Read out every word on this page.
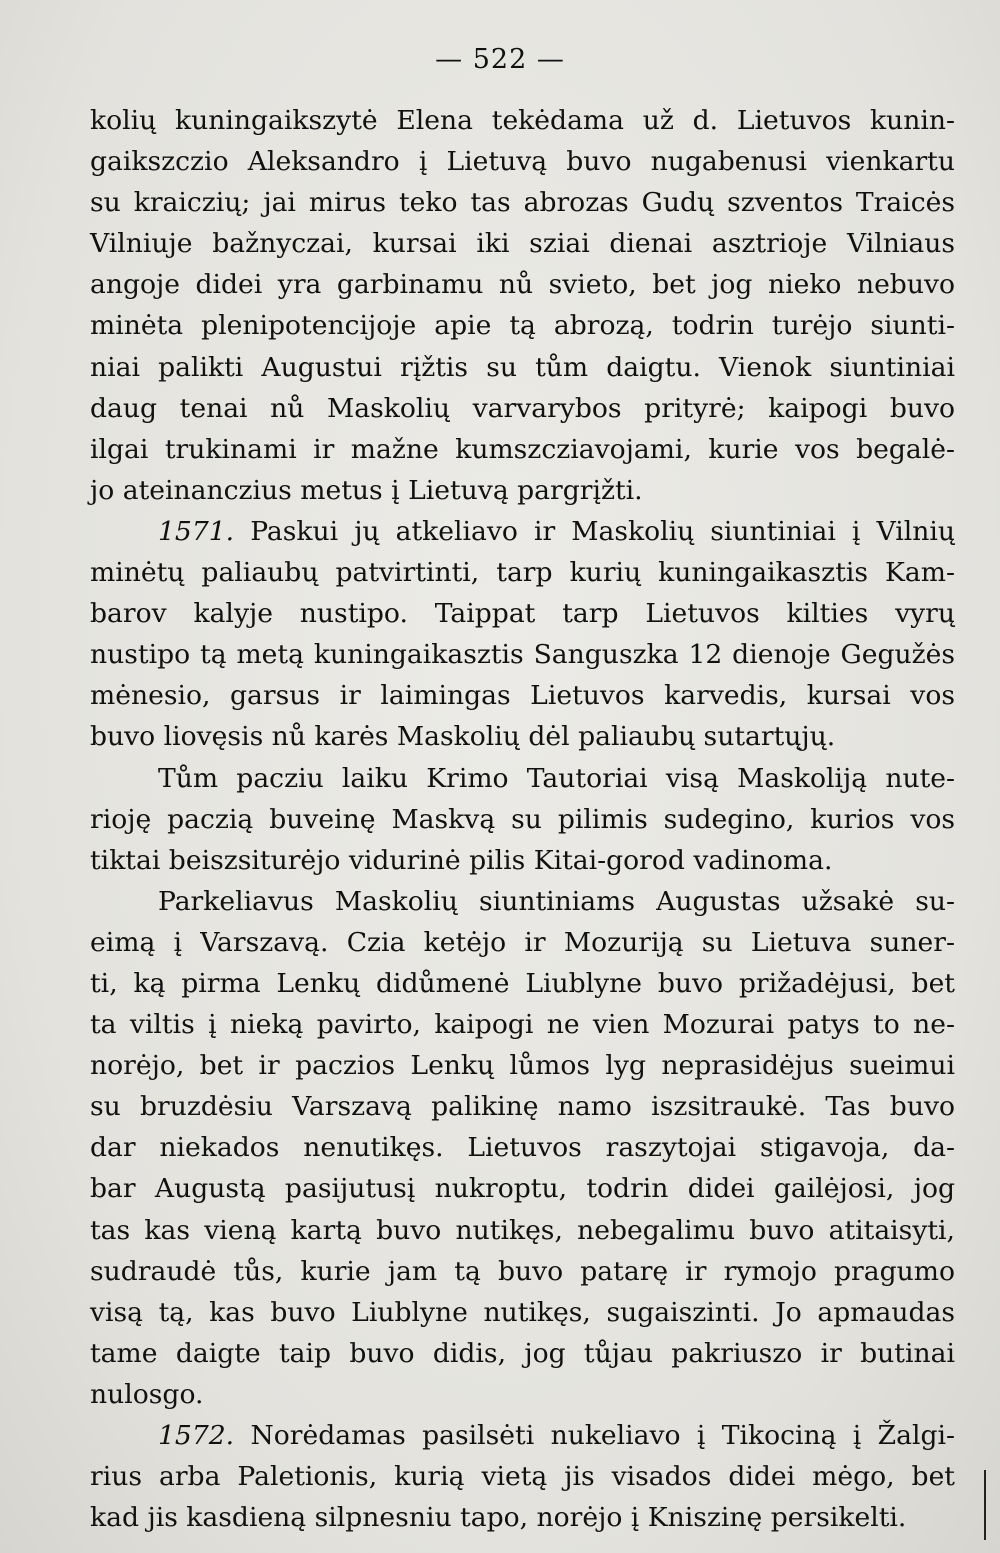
— 522 —
kolių kuningaikszytė Elena tekėdama už d. Lietuvos kunin-
gaikszczio Aleksandro į Lietuvą buvo nugabenusi vienkartu
su kraiczių; jai mirus teko tas abrozas Gudų szventos Traicės
Vilniuje bažnyczai, kursai iki sziai dienai asztrioje Vilniaus
angoje didei yra garbinamu nů svieto, bet jog nieko nebuvo
minėta plenipotencijoje apie tą abrozą, todrin turėjo siunti-
niai palikti Augustui rįžtis su tům daigtu. Vienok siuntiniai
daug tenai nů Maskolių varvarybos prityrė; kaipogi buvo
ilgai trukinami ir mažne kumszcziavojami, kurie vos begalė-
jo ateinanczius metus į Lietuvą pargrįžti.
1571. Paskui jų atkeliavo ir Maskolių siuntiniai į Vilnių
minėtų paliaubų patvirtinti, tarp kurių kuningaikasztis Kam-
barov kalyje nustipo. Taippat tarp Lietuvos kilties vyrų
nustipo tą metą kuningaikasztis Sanguszka 12 dienoje Gegužės
mėnesio, garsus ir laimingas Lietuvos karvedis, kursai vos
buvo liovęsis nů karės Maskolių dėl paliaubų sutartųjų.
Tům pacziu laiku Krimo Tautoriai visą Maskoliją nute-
rioję paczią buveinę Maskvą su pilimis sudegino, kurios vos
tiktai beiszsiturėjo vidurinė pilis Kitai-gorod vadinoma.
Parkeliavus Maskolių siuntiniams Augustas užsakė su-
eimą į Varszavą. Czia ketėjo ir Mozuriją su Lietuva suner-
ti, ką pirma Lenkų didůmenė Liublyne buvo prižadėjusi, bet
ta viltis į nieką pavirto, kaipogi ne vien Mozurai patys to ne-
norėjo, bet ir paczios Lenkų lůmos lyg neprasidėjus sueimui
su bruzdėsiu Varszavą palikinę namo iszsitraukė. Tas buvo
dar niekados nenutikęs. Lietuvos raszytojai stigavoja, da-
bar Augustą pasijutusį nukroptu, todrin didei gailėjosi, jog
tas kas vieną kartą buvo nutikęs, nebegalimu buvo atitaisyti,
sudraudė tůs, kurie jam tą buvo patarę ir rymojo pragumo
visą tą, kas buvo Liublyne nutikęs, sugaiszinti. Jo apmaudas
tame daigte taip buvo didis, jog tůjau pakriuszo ir butinai
nulosgo.
1572. Norėdamas pasilsėti nukeliavo į Tikociną į Žalgi-
rius arba Paletionis, kurią vietą jis visados didei mėgo, bet
kad jis kasdieną silpnesniu tapo, norėjo į Kniszinę persikelti.
